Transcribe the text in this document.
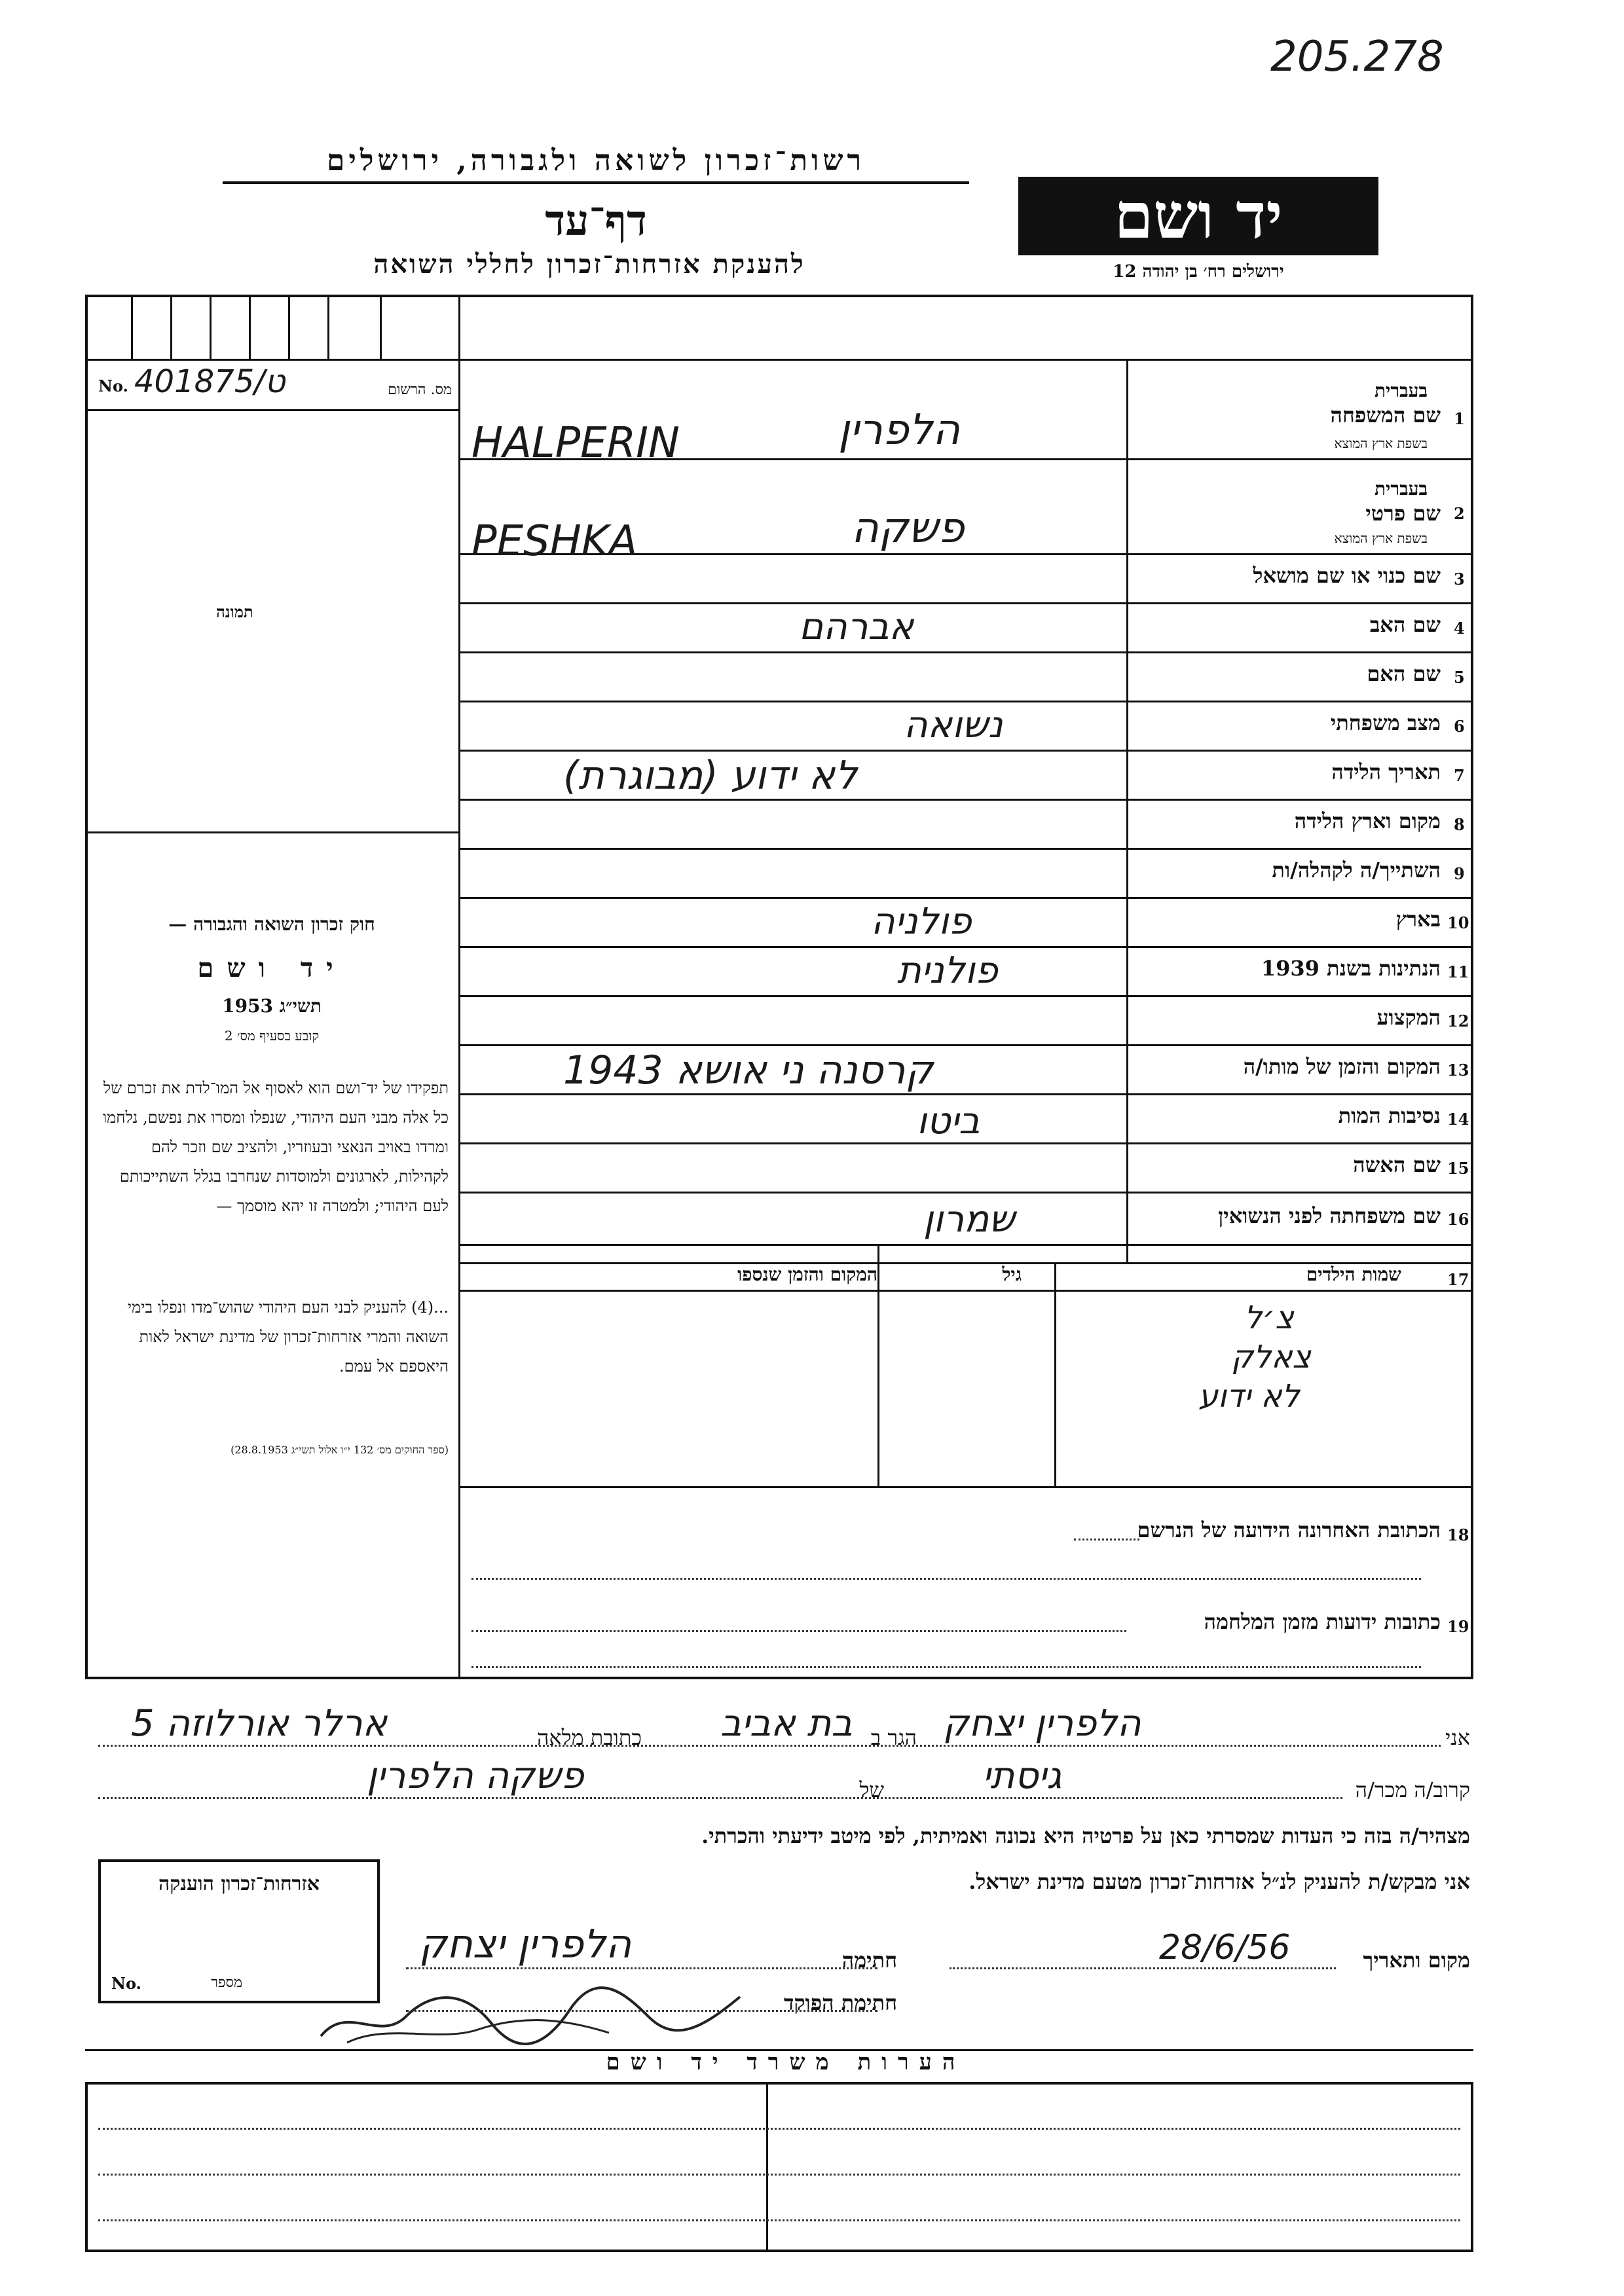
205.278
רשות־זכרון לשואה ולגבורה, ירושלים
דף־עד
להענקת אזרחות־זכרון לחללי השואה
יד ושם
ירושלים רח׳ בן יהודה 12
No. 401875/ט	מס. הרשום
תמונה
חוק זכרון השואה והגבורה —
יד ושם
תשי״ג 1953
קובע בסעיף מס׳ 2
תפקידו של יד־ושם הוא לאסוף אל המו־לדת את זכרם של כל אלה מבני העם היהודי, שנפלו ומסרו את נפשם, נלחמו ומרדו באויב הנאצי ובעוזריו, ולהציב שם וזכר להם לקהילות, לארגונים ולמוסדות שנחרבו בגלל השתייכותם לעם היהודי; ולמטרה זו יהא מוסמך —
...(4) להעניק לבני העם היהודי שהוש־מדו ונפלו בימי השואה והמרי אזרחות־זכרון של מדינת ישראל לאות היאספם אל עמם.
(ספר החוקים מס׳ 132 י״ו אלול תשי״ג 28.8.1953)
1
שם המשפחה
בעברית
בשפת ארץ המוצא
הלפרין
HALPERIN
2
שם פרטי
בעברית
בשפת ארץ המוצא
פשקה
PESHKA
3
שם כנוי או שם מושאל
4
שם האב
אברהם
5
שם האם
6
מצב משפחתי
נשואה
7
תאריך הלידה
לא ידוע (מבוגרת)
8
מקום וארץ הלידה
9
השתייך/ה לקהלה/ות
10
בארץ
פולניה
11
הנתינות בשנת 1939
פולנית
12
המקצוע
13
המקום והזמן של מותו/ה
קרסנה ני אושא 1943
14
נסיבות המות
ביטו
15
שם האשה
16
שם משפחתה לפני הנשואין
שמרון
17
שמות הילדים
גיל
המקום והזמן שנספו
צ׳ל
צאלק
לא ידוע
18
הכתובת האחרונה הידועה של הנרשם
19
כתובות ידועות מזמן המלחמה
אני
הלפרין יצחק
הגר ב
בת אביב
כתובת מלאה
ארלר אורלוזה 5
קרוב/ה מכר/ה
גיסתי
של
פשקה הלפרין
מצהיר/ה בזה כי העדות שמסרתי כאן על פרטיה היא נכונה ואמיתית, לפי מיטב ידיעתי והכרתי.
אני מבקש/ת להעניק לנ״ל אזרחות־זכרון מטעם מדינת ישראל.
מקום ותאריך
28/6/56
חתימה
הלפרין יצחק
חתימת הפוקד
אזרחות־זכרון הוענקה
No.	מספר
הערות משרד יד ושם
